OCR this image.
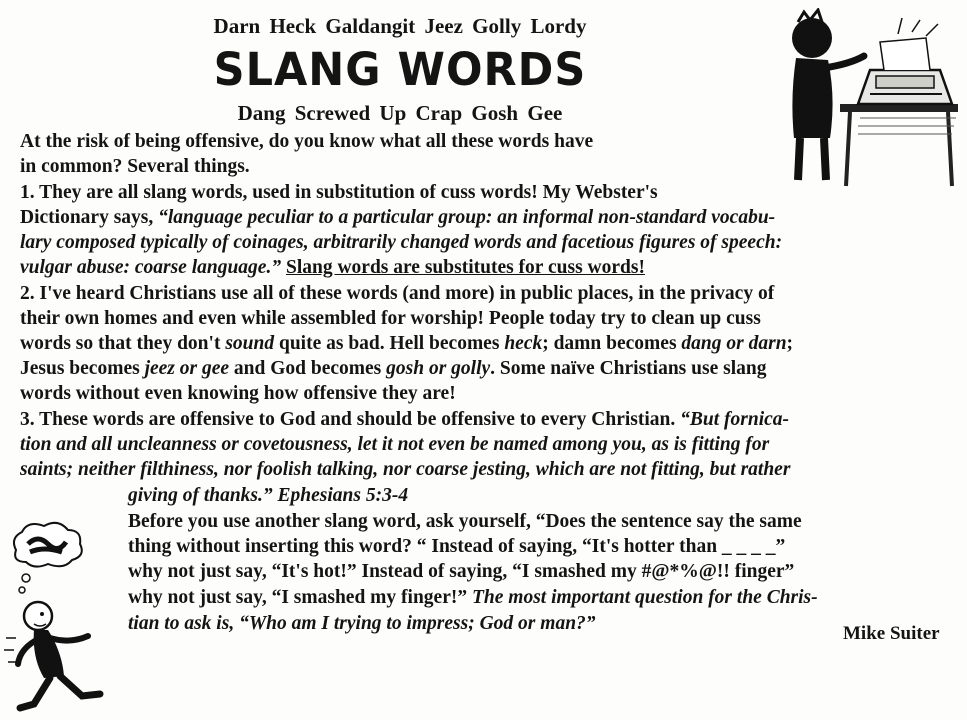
Darn Heck Galdangit Jeez Golly Lordy
SLANG WORDS
Dang Screwed Up Crap Gosh Gee
At the risk of being offensive, do you know what all these words have
in common? Several things.
1. They are all slang words, used in substitution of cuss words! My Webster's
Dictionary says, “language peculiar to a particular group: an informal non-standard vocabu-
lary composed typically of coinages, arbitrarily changed words and facetious figures of speech:
vulgar abuse: coarse language.” Slang words are substitutes for cuss words!
2. I've heard Christians use all of these words (and more) in public places, in the privacy of
their own homes and even while assembled for worship! People today try to clean up cuss
words so that they don't sound quite as bad. Hell becomes heck; damn becomes dang or darn;
Jesus becomes jeez or gee and God becomes gosh or golly. Some naïve Christians use slang
words without even knowing how offensive they are!
3. These words are offensive to God and should be offensive to every Christian. “But fornica-
tion and all uncleanness or covetousness, let it not even be named among you, as is fitting for
saints; neither filthiness, nor foolish talking, nor coarse jesting, which are not fitting, but rather
giving of thanks.” Ephesians 5:3-4
Before you use another slang word, ask yourself, “Does the sentence say the same
thing without inserting this word? “ Instead of saying, “It's hotter than _ _ _ _”
why not just say, “It's hot!” Instead of saying, “I smashed my #@*%@!! finger”
why not just say, “I smashed my finger!” The most important question for the Chris-
tian to ask is, “Who am I trying to impress; God or man?”	Mike Suiter
